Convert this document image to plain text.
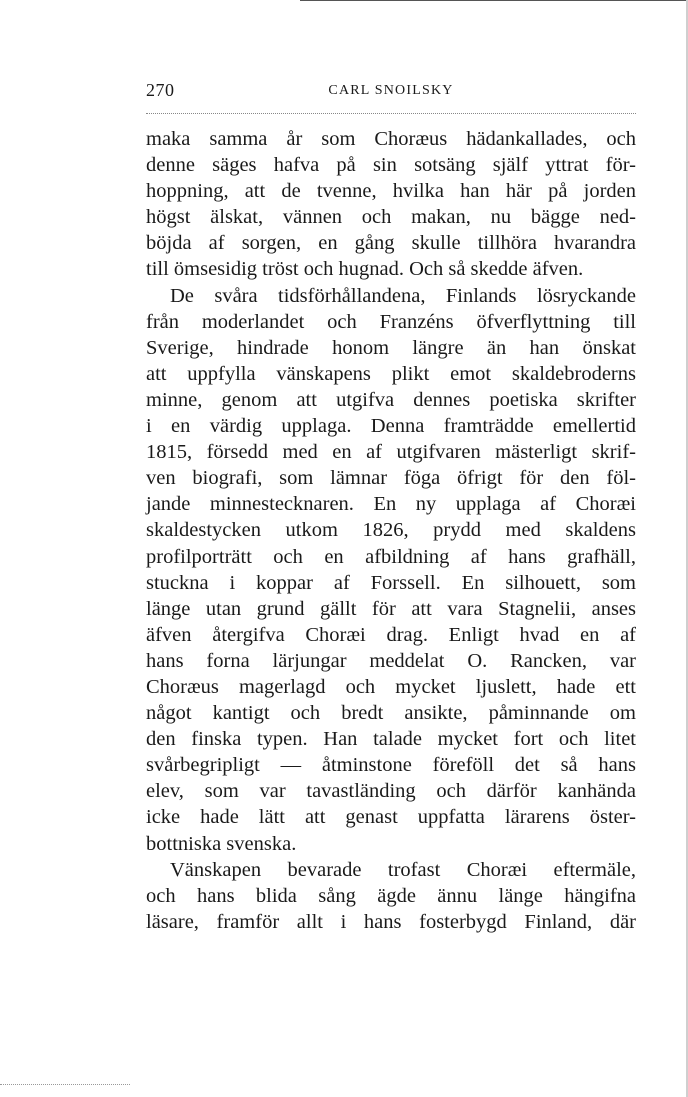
270	CARL SNOILSKY
maka samma år som Choræus hädankallades, och
denne säges hafva på sin sotsäng själf yttrat för-
hoppning, att de tvenne, hvilka han här på jorden
högst älskat, vännen och makan, nu bägge ned-
böjda af sorgen, en gång skulle tillhöra hvarandra
till ömsesidig tröst och hugnad. Och så skedde äfven.
De svåra tidsförhållandena, Finlands lösryckande
från moderlandet och Franzéns öfverflyttning till
Sverige, hindrade honom längre än han önskat
att uppfylla vänskapens plikt emot skaldebroderns
minne, genom att utgifva dennes poetiska skrifter
i en värdig upplaga. Denna framträdde emellertid
1815, försedd med en af utgifvaren mästerligt skrif-
ven biografi, som lämnar föga öfrigt för den föl-
jande minnestecknaren. En ny upplaga af Choræi
skaldestycken utkom 1826, prydd med skaldens
profilporträtt och en afbildning af hans grafhäll,
stuckna i koppar af Forssell. En silhouett, som
länge utan grund gällt för att vara Stagnelii, anses
äfven återgifva Choræi drag. Enligt hvad en af
hans forna lärjungar meddelat O. Rancken, var
Choræus magerlagd och mycket ljuslett, hade ett
något kantigt och bredt ansikte, påminnande om
den finska typen. Han talade mycket fort och litet
svårbegripligt — åtminstone föreföll det så hans
elev, som var tavastländing och därför kanhända
icke hade lätt att genast uppfatta lärarens öster-
bottniska svenska.
Vänskapen bevarade trofast Choræi eftermäle,
och hans blida sång ägde ännu länge hängifna
läsare, framför allt i hans fosterbygd Finland, där
